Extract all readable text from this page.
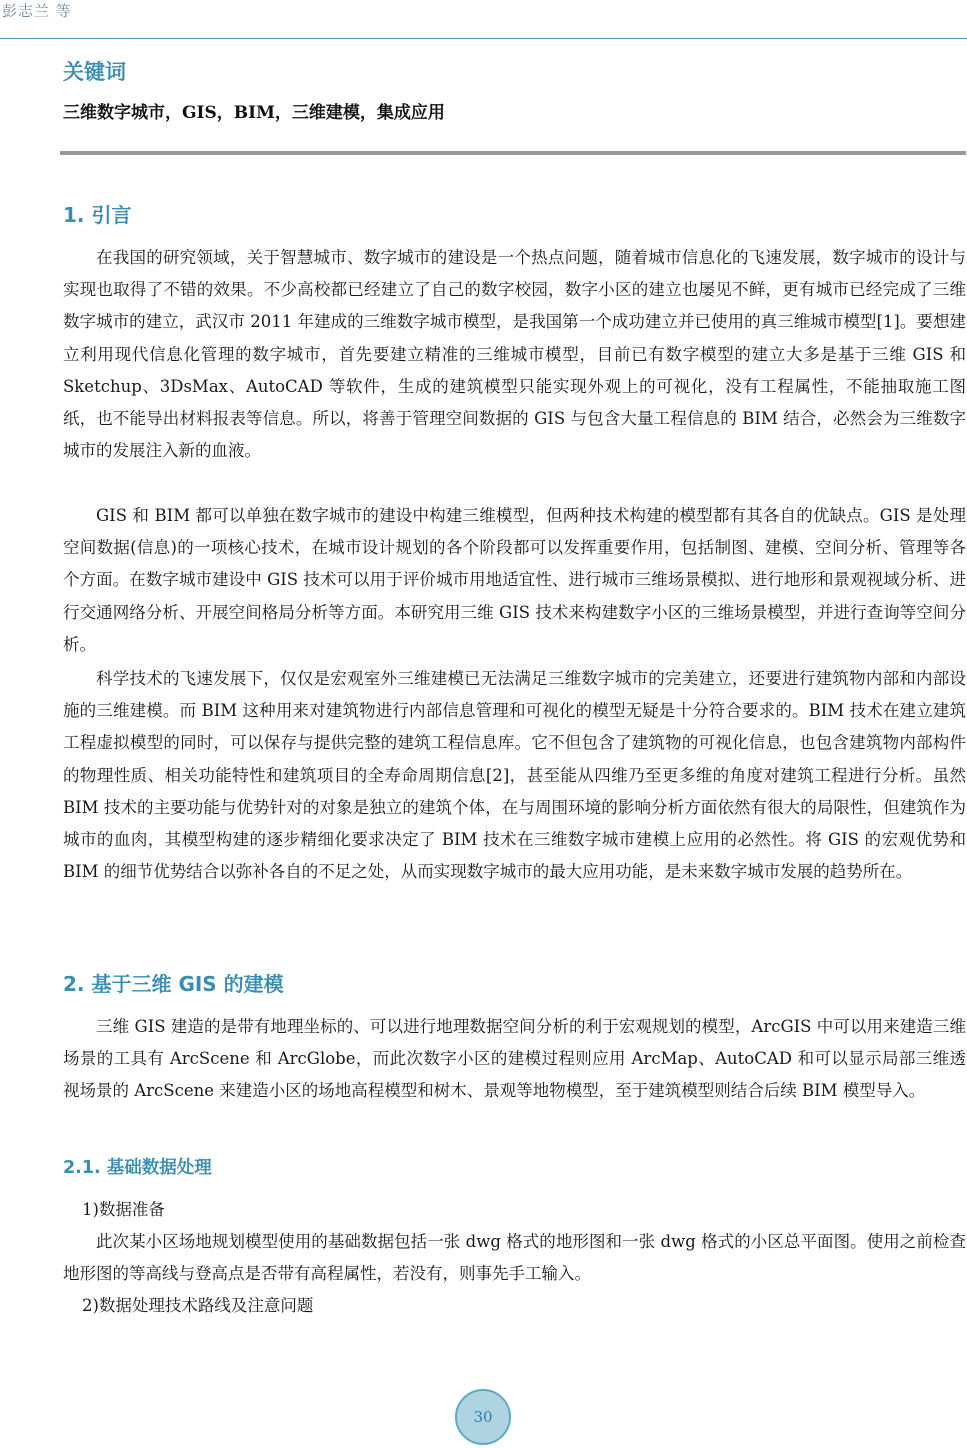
彭志兰 等
关键词
三维数字城市，GIS，BIM，三维建模，集成应用
1. 引言

在我国的研究领域，关于智慧城市、数字城市的建设是一个热点问题，随着城市信息化的飞速发展，数字城市的设计与实现也取得了不错的效果。不少高校都已经建立了自己的数字校园，数字小区的建立也屡见不鲜，更有城市已经完成了三维数字城市的建立，武汉市 2011 年建成的三维数字城市模型，是我国第一个成功建立并已使用的真三维城市模型[1]。要想建立利用现代信息化管理的数字城市，首先要建立精准的三维城市模型，目前已有数字模型的建立大多是基于三维 GIS 和 Sketchup、3DsMax、AutoCAD 等软件，生成的建筑模型只能实现外观上的可视化，没有工程属性，不能抽取施工图纸，也不能导出材料报表等信息。所以，将善于管理空间数据的 GIS 与包含大量工程信息的 BIM 结合，必然会为三维数字城市的发展注入新的血液。

GIS 和 BIM 都可以单独在数字城市的建设中构建三维模型，但两种技术构建的模型都有其各自的优缺点。GIS 是处理空间数据(信息)的一项核心技术，在城市设计规划的各个阶段都可以发挥重要作用，包括制图、建模、空间分析、管理等各个方面。在数字城市建设中 GIS 技术可以用于评价城市用地适宜性、进行城市三维场景模拟、进行地形和景观视域分析、进行交通网络分析、开展空间格局分析等方面。本研究用三维 GIS 技术来构建数字小区的三维场景模型，并进行查询等空间分析。

科学技术的飞速发展下，仅仅是宏观室外三维建模已无法满足三维数字城市的完美建立，还要进行建筑物内部和内部设施的三维建模。而 BIM 这种用来对建筑物进行内部信息管理和可视化的模型无疑是十分符合要求的。BIM 技术在建立建筑工程虚拟模型的同时，可以保存与提供完整的建筑工程信息库。它不但包含了建筑物的可视化信息，也包含建筑物内部构件的物理性质、相关功能特性和建筑项目的全寿命周期信息[2]，甚至能从四维乃至更多维的角度对建筑工程进行分析。虽然 BIM 技术的主要功能与优势针对的对象是独立的建筑个体，在与周围环境的影响分析方面依然有很大的局限性，但建筑作为城市的血肉，其模型构建的逐步精细化要求决定了 BIM 技术在三维数字城市建模上应用的必然性。将 GIS 的宏观优势和 BIM 的细节优势结合以弥补各自的不足之处，从而实现数字城市的最大应用功能，是未来数字城市发展的趋势所在。

2. 基于三维 GIS 的建模

三维 GIS 建造的是带有地理坐标的、可以进行地理数据空间分析的利于宏观规划的模型，ArcGIS 中可以用来建造三维场景的工具有 ArcScene 和 ArcGlobe，而此次数字小区的建模过程则应用 ArcMap、AutoCAD 和可以显示局部三维透视场景的 ArcScene 来建造小区的场地高程模型和树木、景观等地物模型，至于建筑模型则结合后续 BIM 模型导入。

2.1. 基础数据处理

1)数据准备

此次某小区场地规划模型使用的基础数据包括一张 dwg 格式的地形图和一张 dwg 格式的小区总平面图。使用之前检查地形图的等高线与登高点是否带有高程属性，若没有，则事先手工输入。

2)数据处理技术路线及注意问题

30
